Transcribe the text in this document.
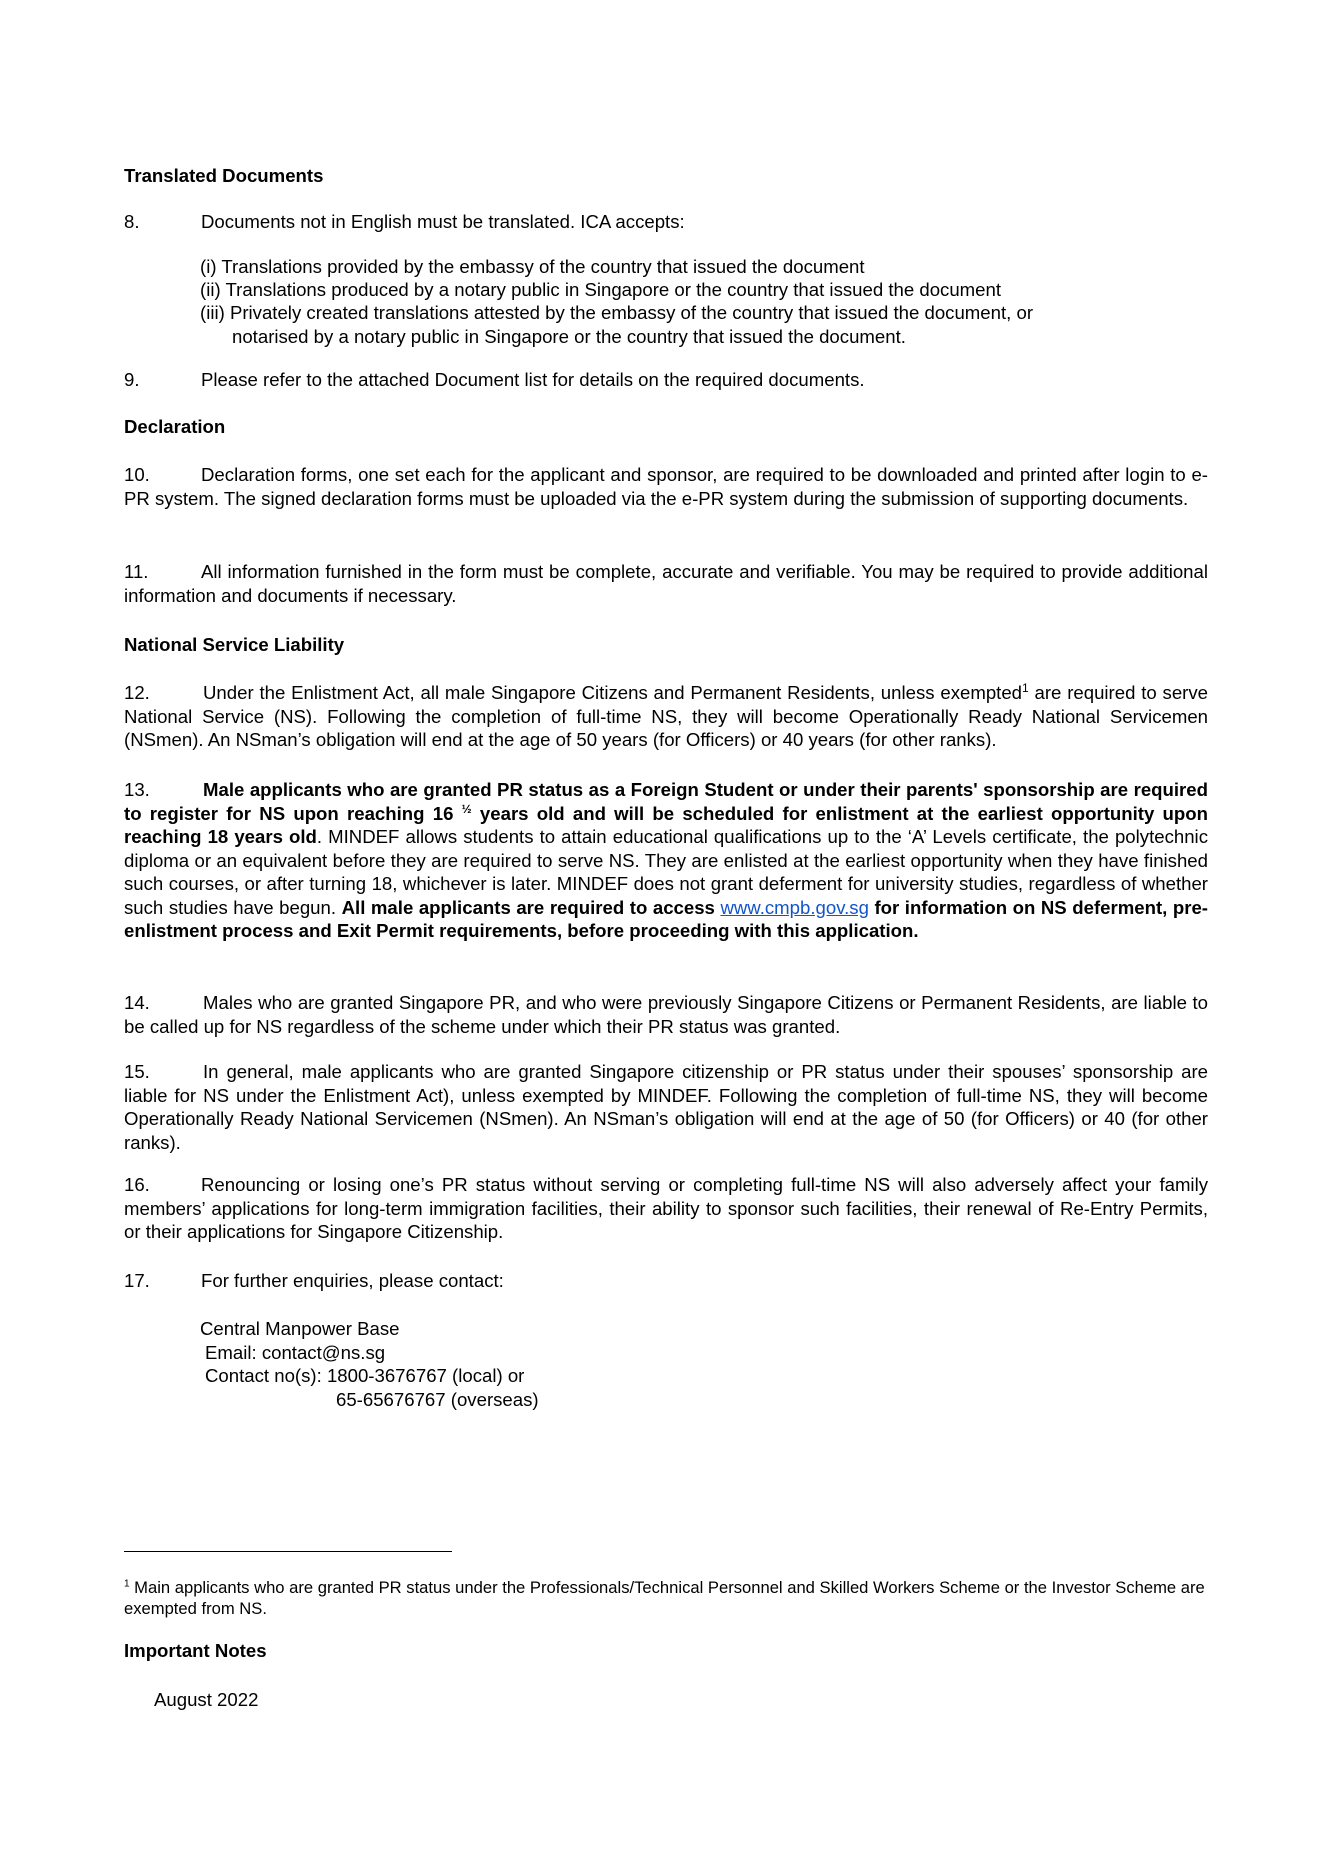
Translated Documents
8.	Documents not in English must be translated. ICA accepts:
(i) Translations provided by the embassy of the country that issued the document
(ii) Translations produced by a notary public in Singapore or the country that issued the document
(iii) Privately created translations attested by the embassy of the country that issued the document, or
notarised by a notary public in Singapore or the country that issued the document.
9.	Please refer to the attached Document list for details on the required documents.
Declaration
10.	Declaration forms, one set each for the applicant and sponsor, are required to be downloaded and printed after login to e-PR system. The signed declaration forms must be uploaded via the e-PR system during the submission of supporting documents.
11.	All information furnished in the form must be complete, accurate and verifiable. You may be required to provide additional information and documents if necessary.
National Service Liability
12.	Under the Enlistment Act, all male Singapore Citizens and Permanent Residents, unless exempted$^1$ are required to serve National Service (NS). Following the completion of full-time NS, they will become Operationally Ready National Servicemen (NSmen). An NSman’s obligation will end at the age of 50 years (for Officers) or 40 years (for other ranks).
13.	Male applicants who are granted PR status as a Foreign Student or under their parents' sponsorship are required to register for NS upon reaching 16 $^{\frac{1}{2}}$ years old and will be scheduled for enlistment at the earliest opportunity upon reaching 18 years old. MINDEF allows students to attain educational qualifications up to the ‘A’ Levels certificate, the polytechnic diploma or an equivalent before they are required to serve NS. They are enlisted at the earliest opportunity when they have finished such courses, or after turning 18, whichever is later. MINDEF does not grant deferment for university studies, regardless of whether such studies have begun. All male applicants are required to access www.cmpb.gov.sg for information on NS deferment, pre-enlistment process and Exit Permit requirements, before proceeding with this application.
14.	Males who are granted Singapore PR, and who were previously Singapore Citizens or Permanent Residents, are liable to be called up for NS regardless of the scheme under which their PR status was granted.
15.	In general, male applicants who are granted Singapore citizenship or PR status under their spouses’ sponsorship are liable for NS under the Enlistment Act), unless exempted by MINDEF. Following the completion of full-time NS, they will become Operationally Ready National Servicemen (NSmen). An NSman’s obligation will end at the age of 50 (for Officers) or 40 (for other ranks).
16.	Renouncing or losing one’s PR status without serving or completing full-time NS will also adversely affect your family members’ applications for long-term immigration facilities, their ability to sponsor such facilities, their renewal of Re-Entry Permits, or their applications for Singapore Citizenship.
17.	For further enquiries, please contact:
Central Manpower Base
Email: contact@ns.sg
Contact no(s): 1800-3676767 (local) or
65-65676767 (overseas)
$^1$ Main applicants who are granted PR status under the Professionals/Technical Personnel and Skilled Workers Scheme or the Investor Scheme are exempted from NS.
Important Notes
August 2022
